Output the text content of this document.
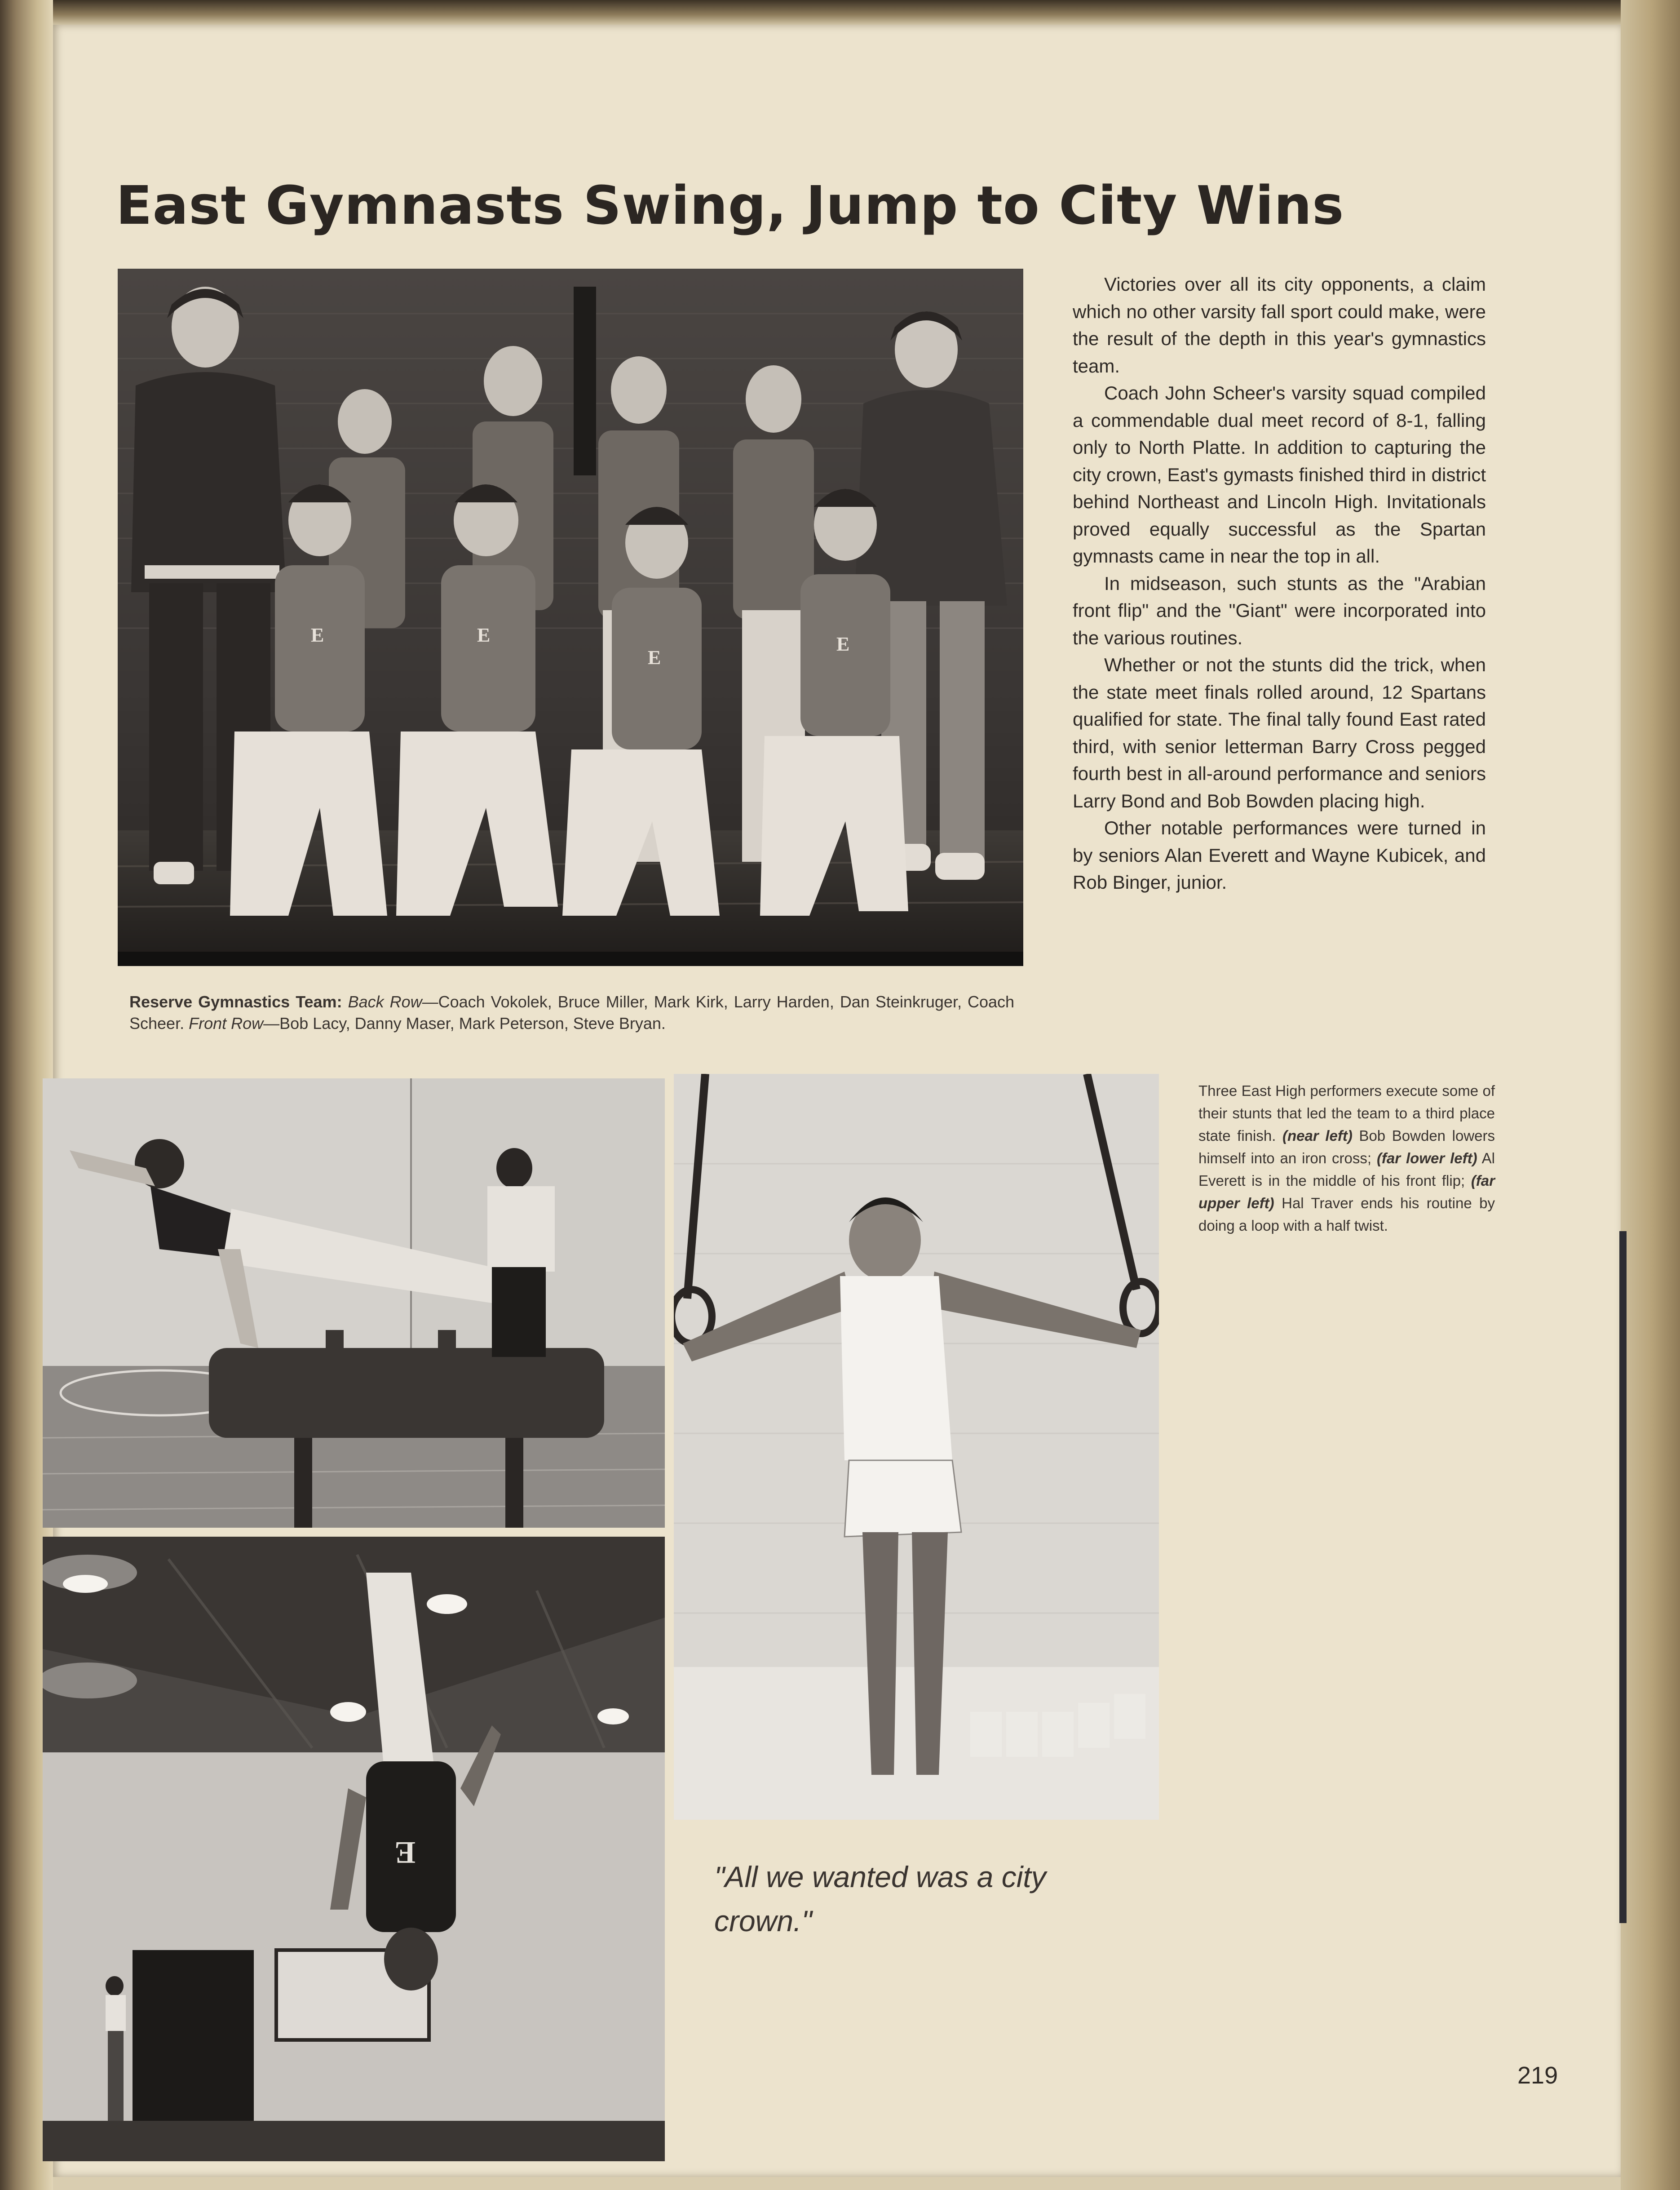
East Gymnasts Swing, Jump to City Wins
E	E
E
E

Reserve Gymnastics Team: Back Row—Coach Vokolek, Bruce Miller, Mark Kirk, Larry Harden, Dan Steinkruger, Coach Scheer. Front Row—Bob Lacy, Danny Maser, Mark Peterson, Steve Bryan.

Victories over all its city opponents, a claim which no other varsity fall sport could make, were the result of the depth in this year's gymnastics team.

Coach John Scheer's varsity squad compiled a commendable dual meet record of 8-1, falling only to North Platte. In addition to capturing the city crown, East's gymasts finished third in district behind Northeast and Lincoln High. Invitationals proved equally successful as the Spartan gymnasts came in near the top in all.

In midseason, such stunts as the "Arabian front flip" and the "Giant" were incorporated into the various routines.

Whether or not the stunts did the trick, when the state meet finals rolled around, 12 Spartans qualified for state. The final tally found East rated third, with senior letterman Barry Cross pegged fourth best in all-around performance and seniors Larry Bond and Bob Bowden placing high.

Other notable performances were turned in by seniors Alan Everett and Wayne Kubicek, and Rob Binger, junior.

E

Three East High performers execute some of their stunts that led the team to a third place state finish. (near left) Bob Bowden lowers himself into an iron cross; (far lower left) Al Everett is in the middle of his front flip; (far upper left) Hal Traver ends his routine by doing a loop with a half twist.

"All we wanted was a city crown."
219
